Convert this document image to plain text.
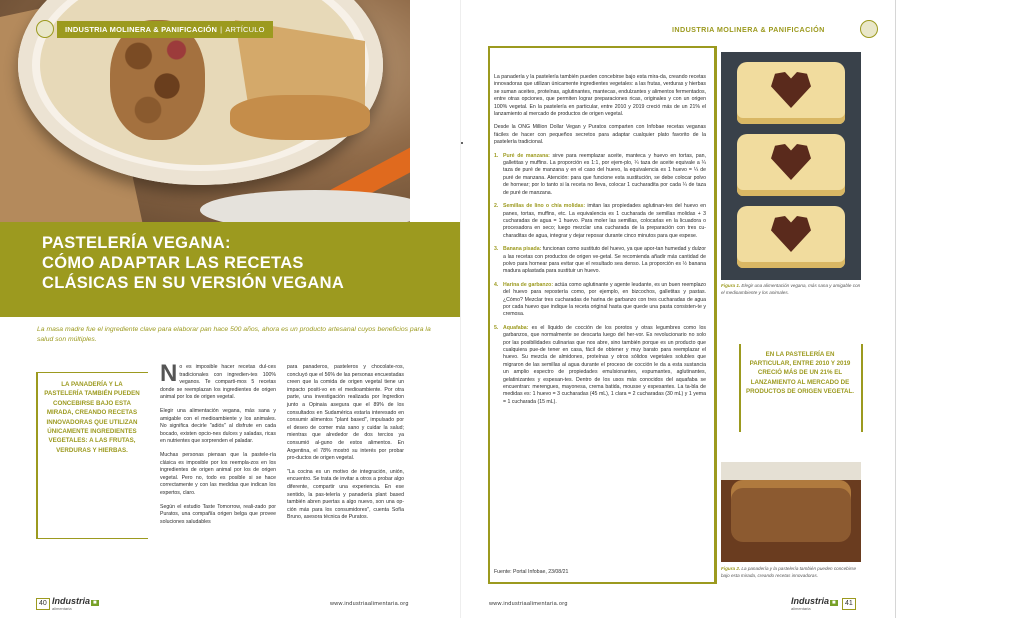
INDUSTRIA MOLINERA & PANIFICACIÓN | ARTÍCULO
PASTELERÍA VEGANA:
CÓMO ADAPTAR LAS RECETAS
CLÁSICAS EN SU VERSIÓN VEGANA
La masa madre fue el ingrediente clave para elaborar pan hace 500 años, ahora es un producto artesanal cuyos beneficios para la salud son múltiples.
LA PANADERÍA Y LA PASTELERÍA TAMBIÉN PUEDEN CONCEBIRSE BAJO ESTA MIRADA, CREANDO RECETAS INNOVADORAS QUE UTILIZAN ÚNICAMENTE INGREDIENTES VEGETALES: A LAS FRUTAS, VERDURAS Y HIERBAS.

No es imposible hacer recetas dul-ces tradicionales con ingredien-tes 100% veganos. Te comparti-mos 5 recetas donde se reemplazan los ingredientes de origen animal por los de origen vegetal.

Elegir una alimentación vegana, más sana y amigable con el medioambiente y los animales. No significa decirle "adiós" al disfrute en cada bocado, existen opcio-nes dulces y saladas, ricas en nutrientes que sorprenden el paladar.

Muchas personas piensan que la pastele-ría clásica es imposible por los reempla-zos en los ingredientes de origen animal por los de origen vegetal. Pero no, todo es posible si se hace correctamente y con las medidas que indican los expertos, claro.

Según el estudio Taste Tomorrow, reali-zado por Puratos, una compañía origen belga que provee soluciones saludables

para panaderos, pasteleros y chocolate-ros, concluyó que el 56% de las personas encuestadas creen que la comida de origen vegetal tiene un impacto positi-vo en el medioambiente. Por otra parte, una investigación realizada por Ingredion junto a Opinaia asegura que el 89% de los consultados en Sudamérica estaría interesado en consumir alimentos "plant based", impulsado por el deseo de comer más sano y cuidar la salud; mientras que alrededor de dos tercios ya consumió al-guno de estos alimentos. En Argentina, el 78% mostró su interés por probar pro-ductos de origen vegetal.

"La cocina es un motivo de integración, unión, encuentro. Se trata de invitar a otros a probar algo diferente, compartir una experiencia. En ese sentido, la pas-telería y panadería plant based también abren puertas a algo nuevo, son una op-ción más para los consumidores", cuenta Sofía Bruno, asesora técnica de Puratos.

40 Industria ■
alimentaria
www.industriaalimentaria.org
INDUSTRIA MOLINERA & PANIFICACIÓN

La panadería y la pastelería también pueden concebirse bajo esta mira-da, creando recetas innovadoras que utilizan únicamente ingredientes vegetales: a las frutas, verduras y hierbas se suman aceites, proteínas, aglutinantes, mantecas, endulzantes y alimentos fermentados, entre otras opciones, que permiten lograr preparaciones ricas, originales y con un origen 100% vegetal. En la pastelería en particular, entre 2010 y 2019 creció más de un 21% el lanzamiento al mercado de productos de origen vegetal.

Desde la ONG Million Dollar Vegan y Puratos comparten con Infobae recetas veganas fáciles de hacer con pequeños secretos para adaptar cualquier plato favorito de la pastelería tradicional.

1. Puré de manzana: sirve para reemplazar aceite, manteca y huevo en tortas, pan, galletitas y muffins. La proporción es 1:1, por ejem-plo, ¼ taza de aceite equivale a ¼ taza de puré de manzana y en el caso del huevo, la equivalencia es 1 huevo = ¼ de puré de manzana. Atención: para que funcione esta sustitución, se debe colocar polvo de hornear; por lo tanto si la receta no lleva, colocar 1 cucharadita por cada ¼ de taza de puré de manzana.
2. Semillas de lino o chía molidas: imitan las propiedades aglutinan-tes del huevo en panes, tortas, muffins, etc. La equivalencia es 1 cucharada de semillas molidas + 3 cucharadas de agua = 1 huevo. Para moler las semillas, colocarlas en la licuadora o procesadora en seco; luego mezclar una cucharada de la preparación con tres cu-charaditas de agua, integrar y dejar reposar durante cinco minutos para que espese.
3. Banana pisada: funcionan como sustituto del huevo, ya que apor-tan humedad y dulzor a las recetas con productos de origen ve-getal. Se recomienda añadir más cantidad de polvo para hornear para evitar que el resultado sea denso. La proporción es ½ banana madura aplastada para sustituir un huevo.
4. Harina de garbanzo: actúa como aglutinante y agente leudante, es un buen reemplazo del huevo para repostería como, por ejemplo, en bizcochos, galletitas y pastas. ¿Cómo? Mezclar tres cucharadas de harina de garbanzo con tres cucharadas de agua por cada huevo que indique la receta original hasta que quede una pasta consisten-te y cremosa.
5. Aquafaba: es el líquido de cocción de los porotos y otras legumbres como los garbanzos, que normalmente se descarta luego del her-vor. Es revolucionario no solo por las posibilidades culinarias que nos abre, sino también porque es un producto que cualquiera pue-de tener en casa, fácil de obtener y muy barato para reemplazar el huevo. Su mezcla de almidones, proteínas y otros sólidos vegetales solubles que migraron de las semillas al agua durante el proceso de cocción le da a esta sustancia un amplio espectro de propiedades emulsionantes, espumantes, aglutinantes, gelatinizantes y espesan-tes. Dentro de los usos más conocidos del aquafaba se encuentran: merengues, mayonesa, crema batida, mousse y espesantes. La ta-bla de medidas es: 1 huevo = 3 cucharadas (45 mL), 1 clara = 2 cucharadas (30 mL) y 1 yema = 1 cucharada (15 mL).
Fuente: Portal Infobae, 23/08/21
Figura 1. Elegir una alimentación vegana, más sana y amigable con el medioambiente y los animales.
EN LA PASTELERÍA EN PARTICULAR, ENTRE 2010 Y 2019 CRECIÓ MÁS DE UN 21% EL LANZAMIENTO AL MERCADO DE PRODUCTOS DE ORIGEN VEGETAL.
Figura 2. La panadería y la pastelería también pueden concebirse bajo esta mirada, creando recetas innovadoras.
www.industriaalimentaria.org	Industria ■
alimentaria
41
